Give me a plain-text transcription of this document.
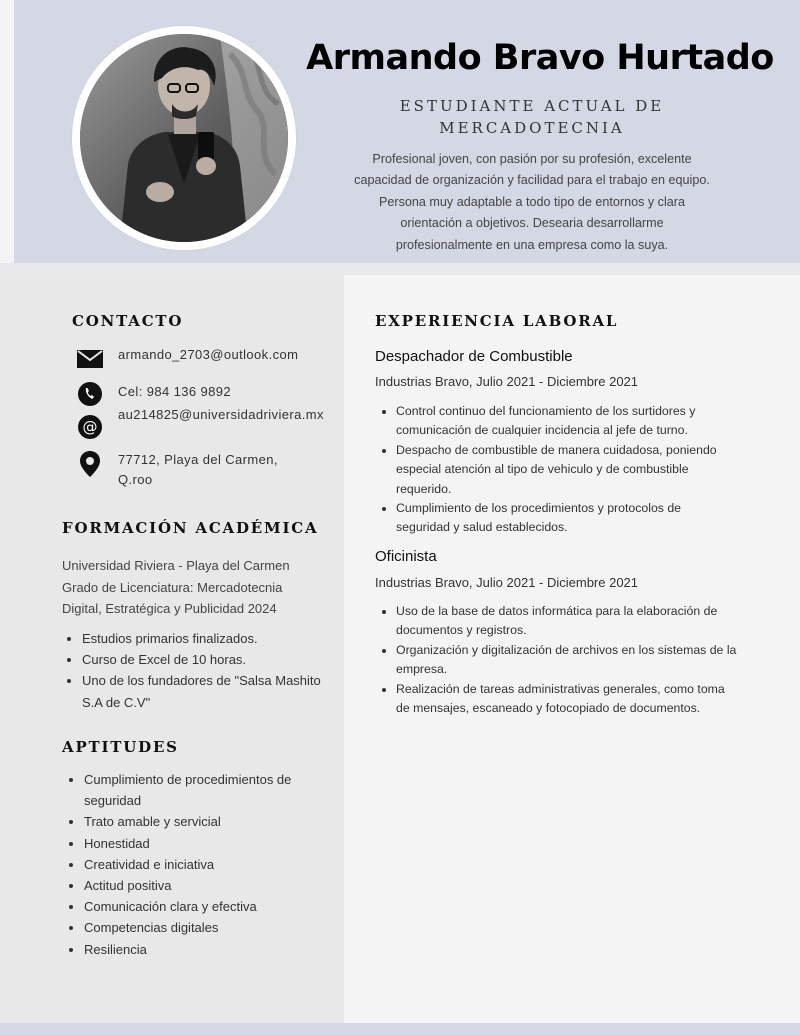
Armando Bravo Hurtado
ESTUDIANTE ACTUAL DE
MERCADOTECNIA
Profesional joven, con pasión por su profesión, excelente capacidad de organización y facilidad para el trabajo en equipo. Persona muy adaptable a todo tipo de entornos y clara orientación a objetivos. Desearia desarrollarme profesionalmente en una empresa como la suya.
CONTACTO
armando_2703@outlook.com
Cel: 984 136 9892
@
au214825@universidadriviera.mx
77712, Playa del Carmen, Q.roo
FORMACIÓN ACADÉMICA
Universidad Riviera - Playa del Carmen
Grado de Licenciatura: Mercadotecnia Digital, Estratégica y Publicidad 2024
• Estudios primarios finalizados.
• Curso de Excel de 10 horas.
• Uno de los fundadores de "Salsa Mashito S.A de C.V"
APTITUDES
• Cumplimiento de procedimientos de seguridad
• Trato amable y servicial
• Honestidad
• Creatividad e iniciativa
• Actitud positiva
• Comunicación clara y efectiva
• Competencias digitales
• Resiliencia
EXPERIENCIA LABORAL
Despachador de Combustible
Industrias Bravo, Julio 2021 - Diciembre 2021
• Control continuo del funcionamiento de los surtidores y comunicación de cualquier incidencia al jefe de turno.
• Despacho de combustible de manera cuidadosa, poniendo especial atención al tipo de vehiculo y de combustible requerido.
• Cumplimiento de los procedimientos y protocolos de seguridad y salud establecidos.
Oficinista
Industrias Bravo, Julio 2021 - Diciembre 2021
• Uso de la base de datos informática para la elaboración de documentos y registros.
• Organización y digitalización de archivos en los sistemas de la empresa.
• Realización de tareas administrativas generales, como toma de mensajes, escaneado y fotocopiado de documentos.
